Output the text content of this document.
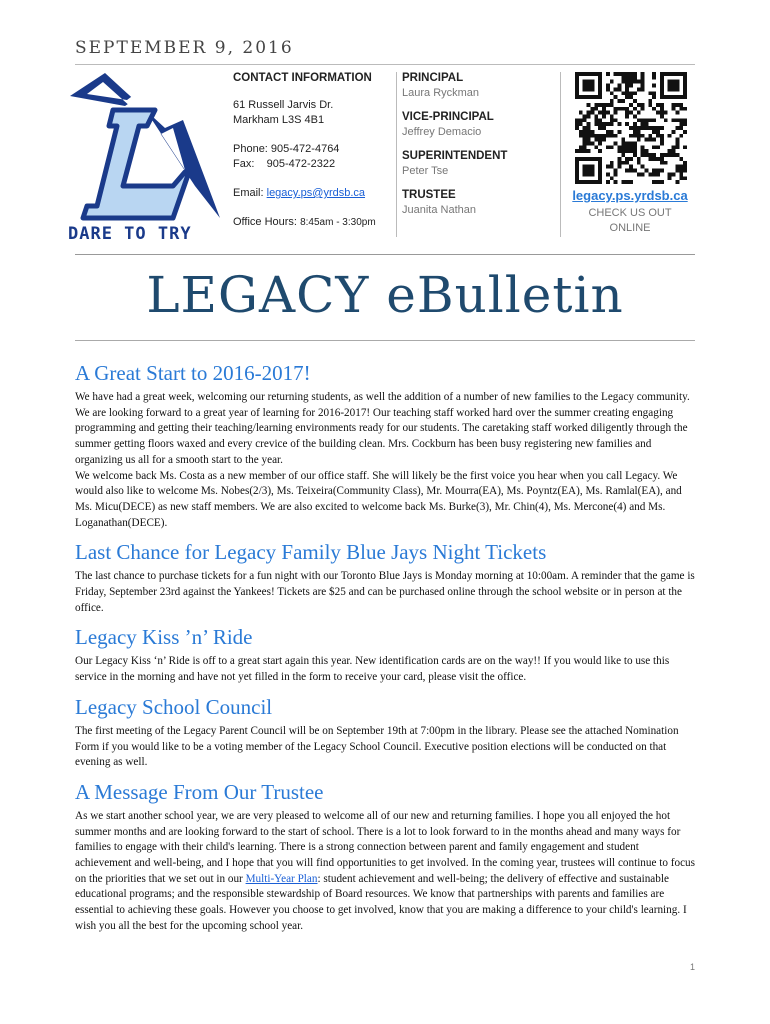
SEPTEMBER 9, 2016
DARE TO TRY
CONTACT INFORMATION

61 Russell Jarvis Dr.

Markham L3S 4B1

Phone: 905-472-4764

Fax: 905-472-2322

Email: legacy.ps@yrdsb.ca

Office Hours: 8:45am - 3:30pm

PRINCIPAL
Laura Ryckman
VICE-PRINCIPAL
Jeffrey Demacio
SUPERINTENDENT
Peter Tse
TRUSTEE
Juanita Nathan
legacy.ps.yrdsb.ca
CHECK US OUT
ONLINE
LEGACY eBulletin
A Great Start to 2016-2017!

We have had a great week, welcoming our returning students, as well the addition of a number of new families to the Legacy community. We are looking forward to a great year of learning for 2016-2017! Our teaching staff worked hard over the summer creating engaging programming and getting their teaching/learning environments ready for our students. The caretaking staff worked diligently through the summer getting floors waxed and every crevice of the building clean. Mrs. Cockburn has been busy registering new families and organizing us all for a smooth start to the year.

We welcome back Ms. Costa as a new member of our office staff. She will likely be the first voice you hear when you call Legacy. We would also like to welcome Ms. Nobes(2/3), Ms. Teixeira(Community Class), Mr. Mourra(EA), Ms. Poyntz(EA), Ms. Ramlal(EA), and Ms. Micu(DECE) as new staff members. We are also excited to welcome back Ms. Burke(3), Mr. Chin(4), Ms. Mercone(4) and Ms. Loganathan(DECE).

Last Chance for Legacy Family Blue Jays Night Tickets

The last chance to purchase tickets for a fun night with our Toronto Blue Jays is Monday morning at 10:00am. A reminder that the game is Friday, September 23rd against the Yankees! Tickets are $25 and can be purchased online through the school website or in person at the office.

Legacy Kiss ’n’ Ride

Our Legacy Kiss ‘n’ Ride is off to a great start again this year. New identification cards are on the way!! If you would like to use this service in the morning and have not yet filled in the form to receive your card, please visit the office.

Legacy School Council

The first meeting of the Legacy Parent Council will be on September 19th at 7:00pm in the library. Please see the attached Nomination Form if you would like to be a voting member of the Legacy School Council. Executive position elections will be conducted on that evening as well.

A Message From Our Trustee

As we start another school year, we are very pleased to welcome all of our new and returning families. I hope you all enjoyed the hot summer months and are looking forward to the start of school. There is a lot to look forward to in the months ahead and many ways for families to engage with their child's learning. There is a strong connection between parent and family engagement and student achievement and well-being, and I hope that you will find opportunities to get involved. In the coming year, trustees will continue to focus on the priorities that we set out in our Multi-Year Plan: student achievement and well-being; the delivery of effective and sustainable educational programs; and the responsible stewardship of Board resources. We know that partnerships with parents and families are essential to achieving these goals. However you choose to get involved, know that you are making a difference to your child's learning. I wish you all the best for the upcoming school year.

1
